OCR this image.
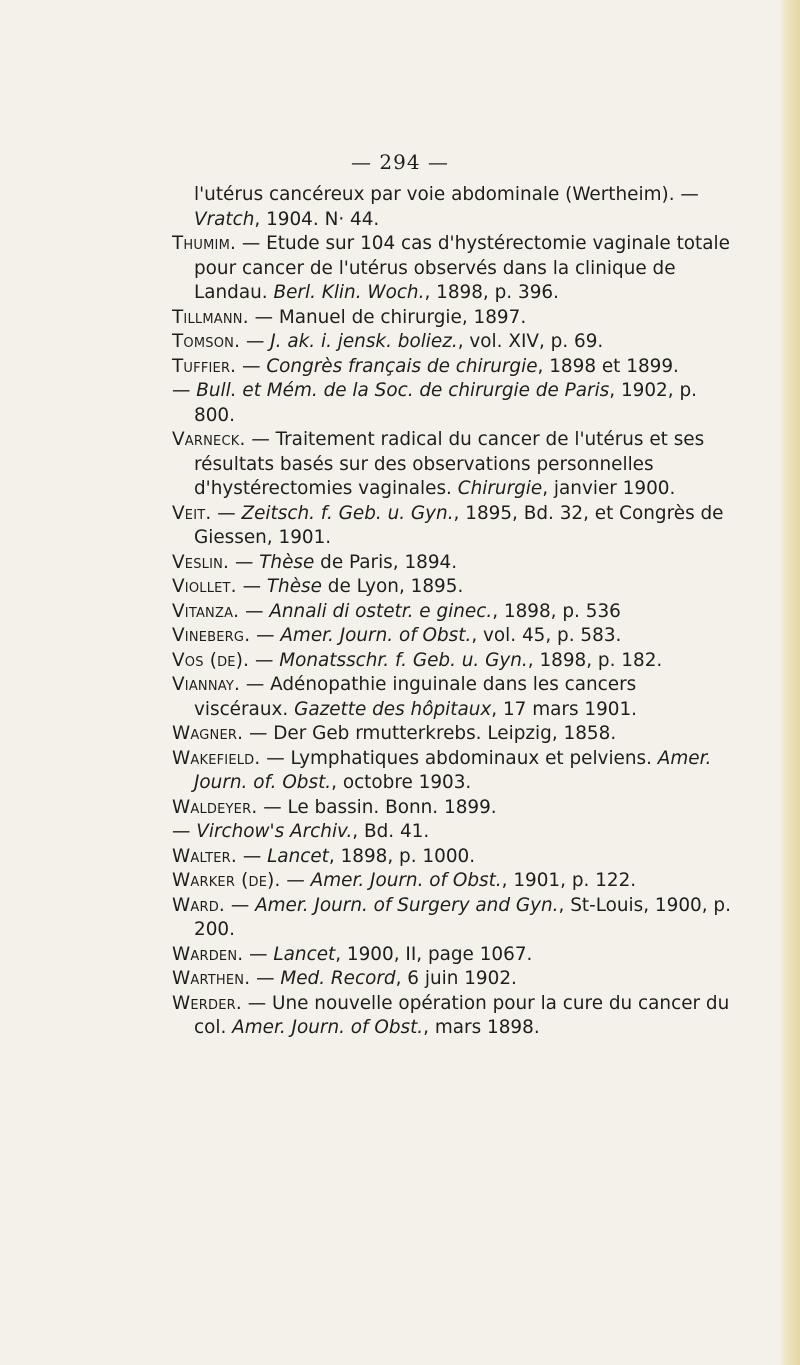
— 294 —

l'utérus cancéreux par voie abdominale (Wertheim). — Vratch, 1904. N· 44.

Thumim. — Etude sur 104 cas d'hystérectomie vaginale totale pour cancer de l'utérus observés dans la clinique de Landau. Berl. Klin. Woch., 1898, p. 396.

Tillmann. — Manuel de chirurgie, 1897.

Tomson. — J. ak. i. jensk. boliez., vol. XIV, p. 69.

Tuffier. — Congrès français de chirurgie, 1898 et 1899.

— Bull. et Mém. de la Soc. de chirurgie de Paris, 1902, p. 800.

Varneck. — Traitement radical du cancer de l'utérus et ses résultats basés sur des observations personnelles d'hystérectomies vaginales. Chirurgie, janvier 1900.

Veit. — Zeitsch. f. Geb. u. Gyn., 1895, Bd. 32, et Congrès de Giessen, 1901.

Veslin. — Thèse de Paris, 1894.

Viollet. — Thèse de Lyon, 1895.

Vitanza. — Annali di ostetr. e ginec., 1898, p. 536

Vineberg. — Amer. Journ. of Obst., vol. 45, p. 583.

Vos (de). — Monatsschr. f. Geb. u. Gyn., 1898, p. 182.

Viannay. — Adénopathie inguinale dans les cancers viscéraux. Gazette des hôpitaux, 17 mars 1901.

Wagner. — Der Geb rmutterkrebs. Leipzig, 1858.

Wakefield. — Lymphatiques abdominaux et pelviens. Amer. Journ. of. Obst., octobre 1903.

Waldeyer. — Le bassin. Bonn. 1899.

— Virchow's Archiv., Bd. 41.

Walter. — Lancet, 1898, p. 1000.

Warker (de). — Amer. Journ. of Obst., 1901, p. 122.

Ward. — Amer. Journ. of Surgery and Gyn., St-Louis, 1900, p. 200.

Warden. — Lancet, 1900, II, page 1067.

Warthen. — Med. Record, 6 juin 1902.

Werder. — Une nouvelle opération pour la cure du cancer du col. Amer. Journ. of Obst., mars 1898.
